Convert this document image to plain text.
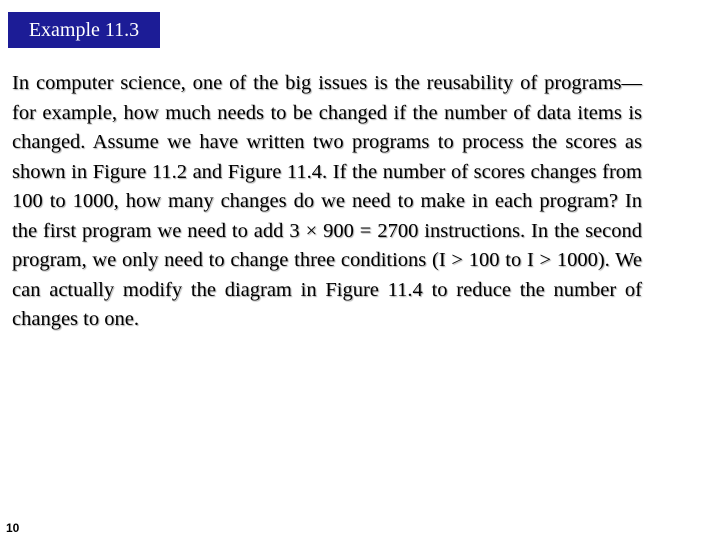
Example 11.3

In computer science, one of the big issues is the reusability of programs—for example, how much needs to be changed if the number of data items is changed. Assume we have written two programs to process the scores as shown in Figure 11.2 and Figure 11.4. If the number of scores changes from 100 to 1000, how many changes do we need to make in each program? In the first program we need to add 3 × 900 = 2700 instructions. In the second program, we only need to change three conditions (I > 100 to I > 1000). We can actually modify the diagram in Figure 11.4 to reduce the number of changes to one.

10
